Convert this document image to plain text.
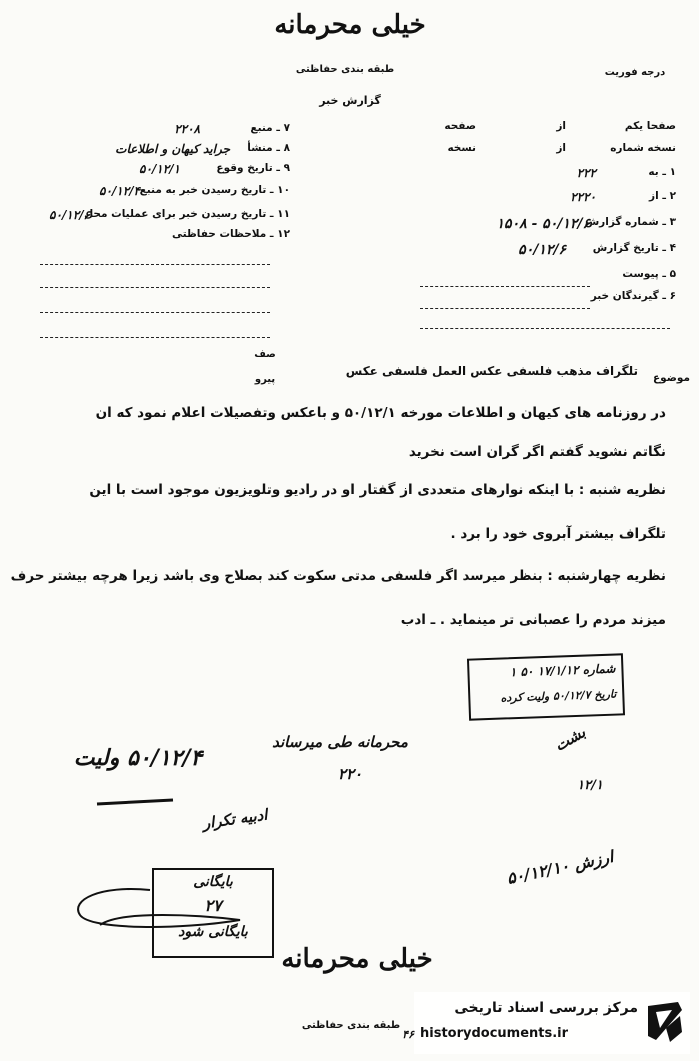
خیلی محرمانه
طبقه بندی حفاظتی
گزارش خبر
درجه فوریت
۷ ـ منبع
۲۲۰۸
۸ ـ منشأ
جراید کیهان و اطلاعات
۹ ـ تاریخ وقوع
۵۰/۱۲/۱
۱۰ ـ تاریخ رسیدن خبر به منبع
۵۰/۱۲/۴
۱۱ ـ تاریخ رسیدن خبر برای عملیات محل
۵۰/۱۲/۶
۱۲ ـ ملاحظات حفاظتی
صفحا یکم
از
صفحه
نسخه شماره
از
نسخه
۱ ـ به
۲۲۲
۲ ـ از
۲۲۲۰
۳ ـ شماره گزارش
۵۰/۱۲/۶ - ۱۵۰۸
۴ ـ تاریخ گزارش
۵۰/۱۲/۶
۵ ـ پیوست
۶ ـ گیرندگان خبر
موضوع
تلگراف مذهب فلسفی عکس العمل فلسفی عکس
صف
پیرو
در روزنامه های کیهان و اطلاعات مورخه ۵۰/۱۲/۱ و باعکس وتفصیلات اعلام نمود که ان
نگاتم نشوید گفتم اگر گران است نخرید
نظریه شنبه : با اینکه نوارهای متعددی از گفتار او در رادیو وتلویزیون موجود است با این
تلگراف بیشتر آبروی خود را برد .
نظریه چهارشنبه : بنظر میرسد اگر فلسفی مدتی سکوت کند بصلاح وی باشد زیرا هرچه بیشتر حرف
میزند مردم را عصبانی تر مینماید . ـ ادب
شماره ۱۷/۱/۱۲ ۵۰ ۱
تاریخ ۵۰/۱۲/۷ ولیت کرده
محرمانه طی میرساند
۲۲۰
۵۰/۱۲/۴ ولیت
ادبیه تکرار
بشت
۱۲/۱
ارزش ۵۰/۱۲/۱۰
بایگانی
۲۷
بایگانی شود
خیلی محرمانه
طبقه بندی حفاظتی
مرکز بررسی اسناد تاریخی
historydocuments.ir
۴۶
